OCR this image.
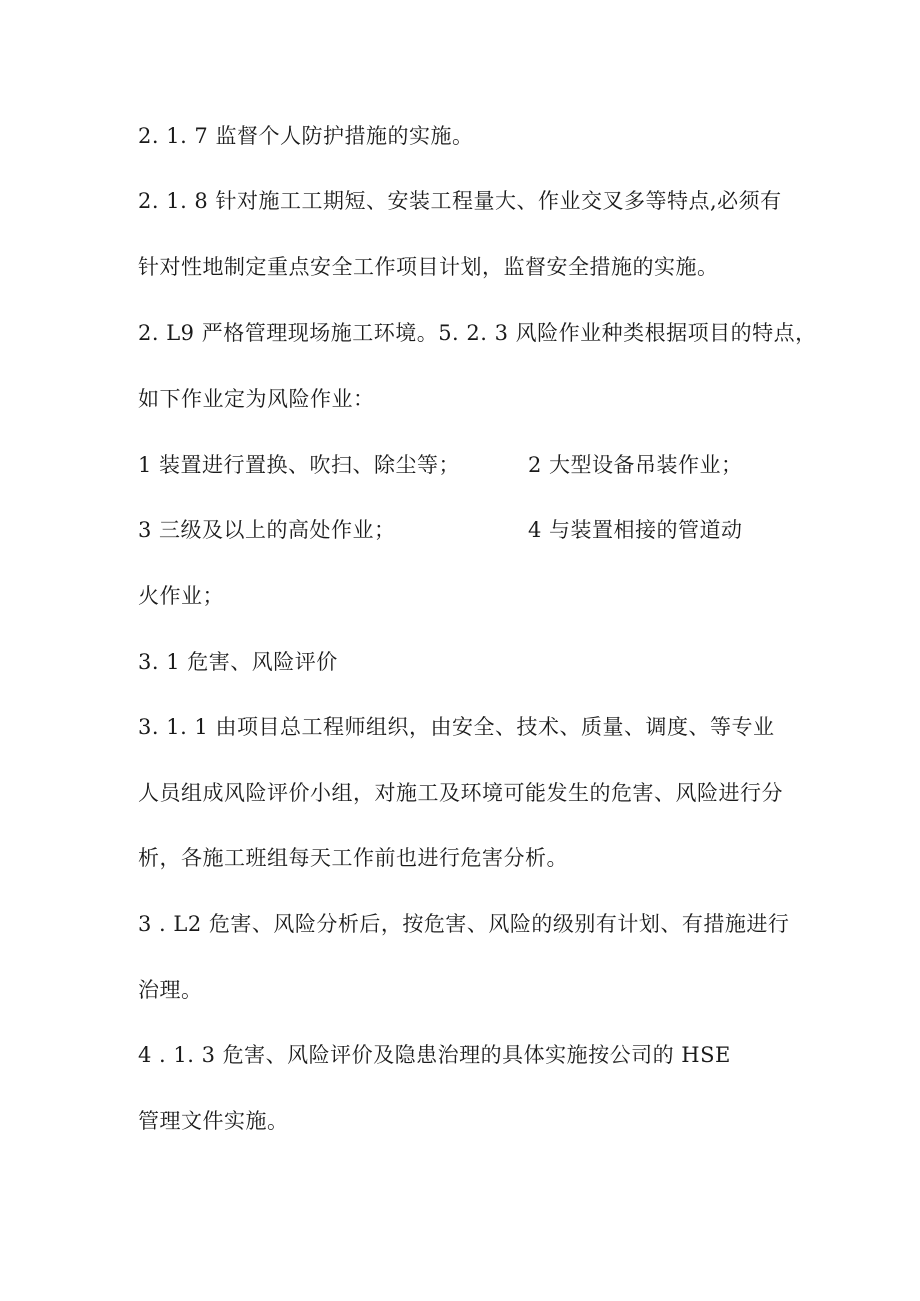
2. 1. 7 监督个人防护措施的实施。
2. 1. 8 针对施工工期短、安装工程量大、作业交叉多等特点,必须有
针对性地制定重点安全工作项目计划，监督安全措施的实施。
2. L9 严格管理现场施工环境。5. 2. 3 风险作业种类根据项目的特点，
如下作业定为风险作业：
1 装置进行置换、吹扫、除尘等；	2 大型设备吊装作业；
3 三级及以上的高处作业；	4 与装置相接的管道动
火作业；
3. 1 危害、风险评价
3. 1. 1 由项目总工程师组织，由安全、技术、质量、调度、等专业
人员组成风险评价小组，对施工及环境可能发生的危害、风险进行分
析，各施工班组每天工作前也进行危害分析。
3 . L2 危害、风险分析后，按危害、风险的级别有计划、有措施进行
治理。
4 . 1. 3 危害、风险评价及隐患治理的具体实施按公司的 HSE
管理文件实施。
